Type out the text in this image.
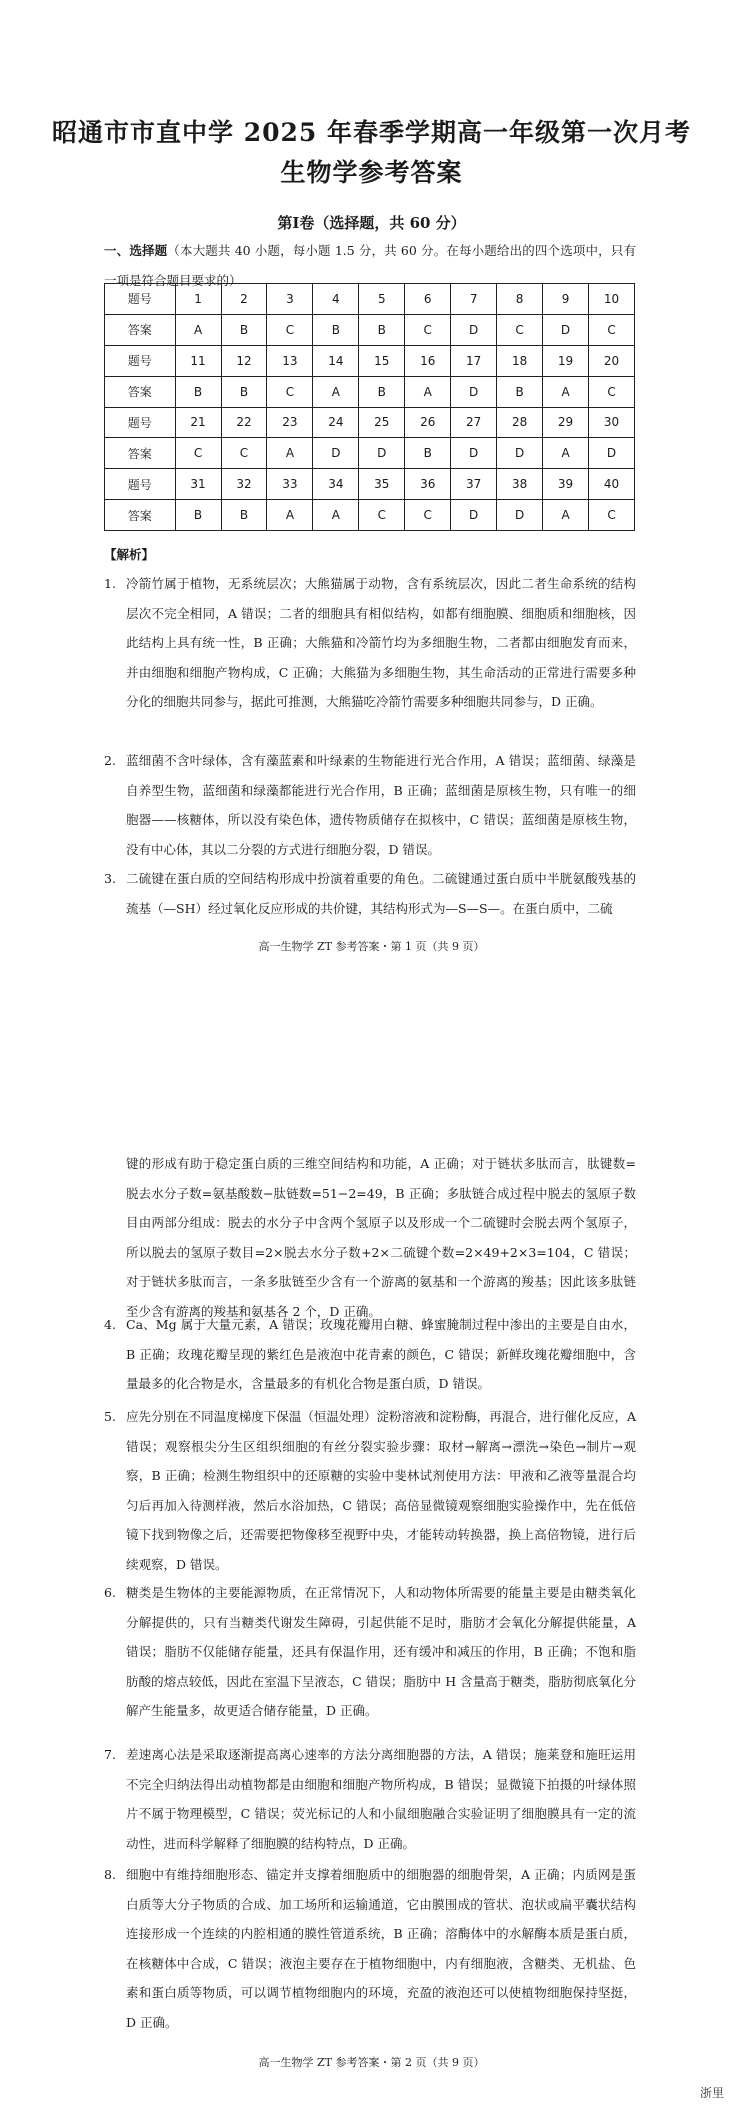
昭通市市直中学 2025 年春季学期高一年级第一次月考
生物学参考答案
第Ⅰ卷（选择题，共 60 分）
一、选择题（本大题共 40 小题，每小题 1.5 分，共 60 分。在每小题给出的四个选项中，只有一项是符合题目要求的）
题号	1	2	3	4	5	6	7	8	9	10
答案	A	B	C	B	B	C	D	C	D	C
题号	11	12	13	14	15	16	17	18	19	20
答案	B	B	C	A	B	A	D	B	A	C
题号	21	22	23	24	25	26	27	28	29	30
答案	C	C	A	D	D	B	D	D	A	D
题号	31	32	33	34	35	36	37	38	39	40
答案	B	B	A	A	C	C	D	D	A	C
【解析】
1. 冷箭竹属于植物，无系统层次；大熊猫属于动物，含有系统层次，因此二者生命系统的结构层次不完全相同，A 错误；二者的细胞具有相似结构，如都有细胞膜、细胞质和细胞核，因此结构上具有统一性，B 正确；大熊猫和冷箭竹均为多细胞生物，二者都由细胞发育而来，并由细胞和细胞产物构成，C 正确；大熊猫为多细胞生物，其生命活动的正常进行需要多种分化的细胞共同参与，据此可推测，大熊猫吃冷箭竹需要多种细胞共同参与，D 正确。
2. 蓝细菌不含叶绿体，含有藻蓝素和叶绿素的生物能进行光合作用，A 错误；蓝细菌、绿藻是自养型生物，蓝细菌和绿藻都能进行光合作用，B 正确；蓝细菌是原核生物，只有唯一的细胞器——核糖体，所以没有染色体，遗传物质储存在拟核中，C 错误；蓝细菌是原核生物，没有中心体，其以二分裂的方式进行细胞分裂，D 错误。
3. 二硫键在蛋白质的空间结构形成中扮演着重要的角色。二硫键通过蛋白质中半胱氨酸残基的巯基（—SH）经过氧化反应形成的共价键，其结构形式为—S—S—。在蛋白质中，二硫
高一生物学 ZT 参考答案・第 1 页（共 9 页）
键的形成有助于稳定蛋白质的三维空间结构和功能，A 正确；对于链状多肽而言，肽键数=脱去水分子数=氨基酸数−肽链数=51−2=49，B 正确；多肽链合成过程中脱去的氢原子数目由两部分组成：脱去的水分子中含两个氢原子以及形成一个二硫键时会脱去两个氢原子，所以脱去的氢原子数目=2×脱去水分子数+2×二硫键个数=2×49+2×3=104，C 错误；对于链状多肽而言，一条多肽链至少含有一个游离的氨基和一个游离的羧基；因此该多肽链至少含有游离的羧基和氨基各 2 个，D 正确。
4. Ca、Mg 属于大量元素，A 错误；玫瑰花瓣用白糖、蜂蜜腌制过程中渗出的主要是自由水，B 正确；玫瑰花瓣呈现的紫红色是液泡中花青素的颜色，C 错误；新鲜玫瑰花瓣细胞中，含量最多的化合物是水，含量最多的有机化合物是蛋白质，D 错误。
5. 应先分别在不同温度梯度下保温（恒温处理）淀粉溶液和淀粉酶，再混合，进行催化反应，A 错误；观察根尖分生区组织细胞的有丝分裂实验步骤：取材→解离→漂洗→染色→制片→观察，B 正确；检测生物组织中的还原糖的实验中斐林试剂使用方法：甲液和乙液等量混合均匀后再加入待测样液，然后水浴加热，C 错误；高倍显微镜观察细胞实验操作中，先在低倍镜下找到物像之后，还需要把物像移至视野中央，才能转动转换器，换上高倍物镜，进行后续观察，D 错误。
6. 糖类是生物体的主要能源物质，在正常情况下，人和动物体所需要的能量主要是由糖类氧化分解提供的，只有当糖类代谢发生障碍，引起供能不足时，脂肪才会氧化分解提供能量，A 错误；脂肪不仅能储存能量，还具有保温作用，还有缓冲和减压的作用，B 正确；不饱和脂肪酸的熔点较低，因此在室温下呈液态，C 错误；脂肪中 H 含量高于糖类，脂肪彻底氧化分解产生能量多，故更适合储存能量，D 正确。
7. 差速离心法是采取逐渐提高离心速率的方法分离细胞器的方法，A 错误；施莱登和施旺运用不完全归纳法得出动植物都是由细胞和细胞产物所构成，B 错误；显微镜下拍摄的叶绿体照片不属于物理模型，C 错误；荧光标记的人和小鼠细胞融合实验证明了细胞膜具有一定的流动性，进而科学解释了细胞膜的结构特点，D 正确。
8. 细胞中有维持细胞形态、锚定并支撑着细胞质中的细胞器的细胞骨架，A 正确；内质网是蛋白质等大分子物质的合成、加工场所和运输通道，它由膜围成的管状、泡状或扁平囊状结构连接形成一个连续的内腔相通的膜性管道系统，B 正确；溶酶体中的水解酶本质是蛋白质，在核糖体中合成，C 错误；液泡主要存在于植物细胞中，内有细胞液，含糖类、无机盐、色素和蛋白质等物质，可以调节植物细胞内的环境，充盈的液泡还可以使植物细胞保持坚挺，D 正确。
高一生物学 ZT 参考答案・第 2 页（共 9 页）
浙里
